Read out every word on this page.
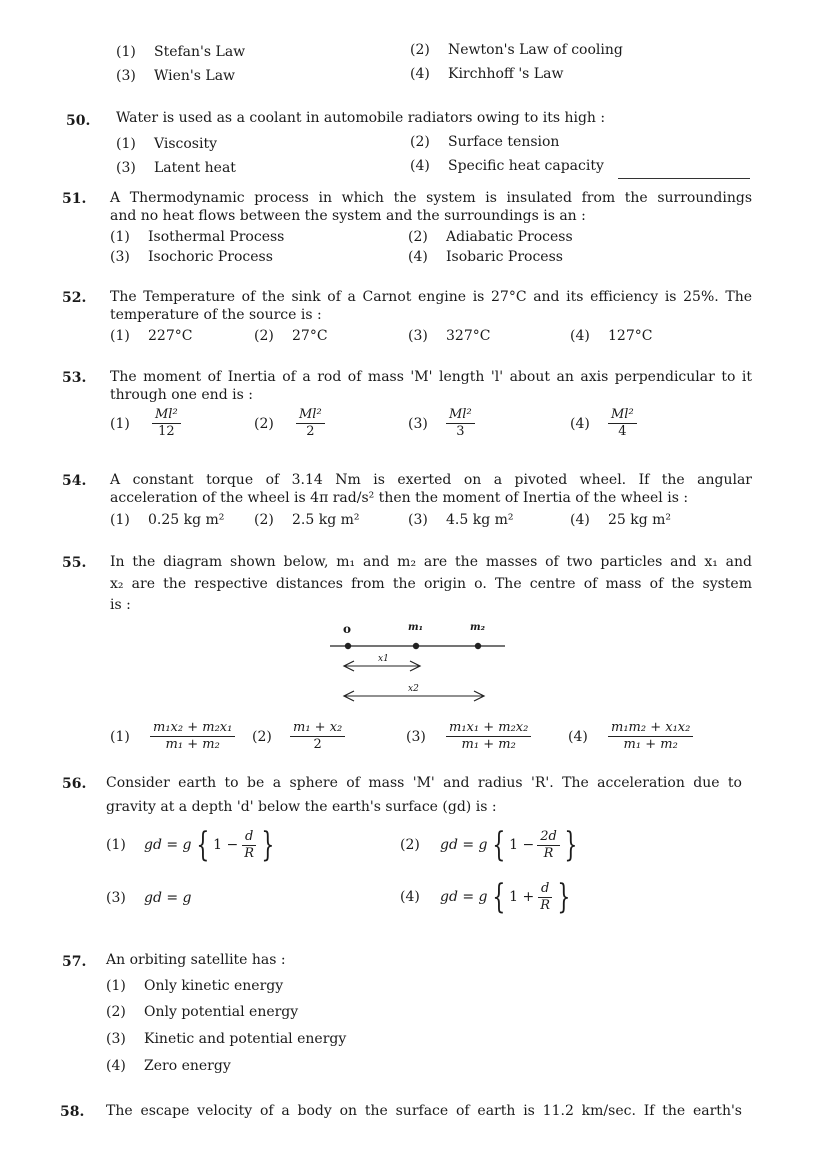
(1) Stefan's Law	(2) Newton's Law of cooling
(3) Wien's Law	(4) Kirchhoff 's Law
50. Water is used as a coolant in automobile radiators owing to its high :
(1) Viscosity	(2) Surface tension
(3) Latent heat	(4) Specific heat capacity
51. A Thermodynamic process in which the system is insulated from the surroundings
and no heat flows between the system and the surroundings is an :
(1) Isothermal Process	(2) Adiabatic Process
(3) Isochoric Process	(4) Isobaric Process
52. The Temperature of the sink of a Carnot engine is 27°C and its efficiency is 25%. The
temperature of the source is :
(1) 227°C	(2) 27°C	(3) 327°C	(4) 127°C
53. The moment of Inertia of a rod of mass 'M' length 'l' about an axis perpendicular to it
through one end is :
(1)	$\frac{\text{Ml²}}{12}$	(2)	$\frac{\text{Ml²}}{2}$	(3)	$\frac{\text{Ml²}}{3}$	(4)	$\frac{\text{Ml²}}{4}$
54. A constant torque of 3.14 Nm is exerted on a pivoted wheel. If the angular
acceleration of the wheel is 4π rad/s² then the moment of Inertia of the wheel is :
(1) 0.25 kg m² (2) 2.5 kg m²	(3) 4.5 kg m²	(4) 25 kg m²
55. In the diagram shown below, m₁ and m₂ are the masses of two particles and x₁ and
x₂ are the respective distances from the origin o. The centre of mass of the system
is :
o	m₁	m₂
x1
x2
(1)	$\frac{\text{m₁x₂ + m₂x₁}}{\text{m₁ + m₂}} (2)$	$\frac{\text{m₁ + x₂}}{2}$	(3)	$\frac{\text{m₁x₁ + m₂x₂}}{\text{m₁ + m₂}}$	(4)	$\frac{\text{m₁m₂ + x₁x₂}}{\text{m₁ + m₂}}$
56. Consider earth to be a sphere of mass 'M' and radius 'R'. The acceleration due to
gravity at a depth 'd' below the earth's surface (gd) is :
(1)	gd = g { $1 - \frac{d}{R}$ }	(2)	gd = g { $1 - \frac{2d}{R}$ }
(3)	gd = g	(4)	gd = g { $1 + \frac{d}{R}$ }
57. An orbiting satellite has :
(1) Only kinetic energy
(2) Only potential energy
(3) Kinetic and potential energy
(4) Zero energy
58. The escape velocity of a body on the surface of earth is 11.2 km/sec. If the earth's
